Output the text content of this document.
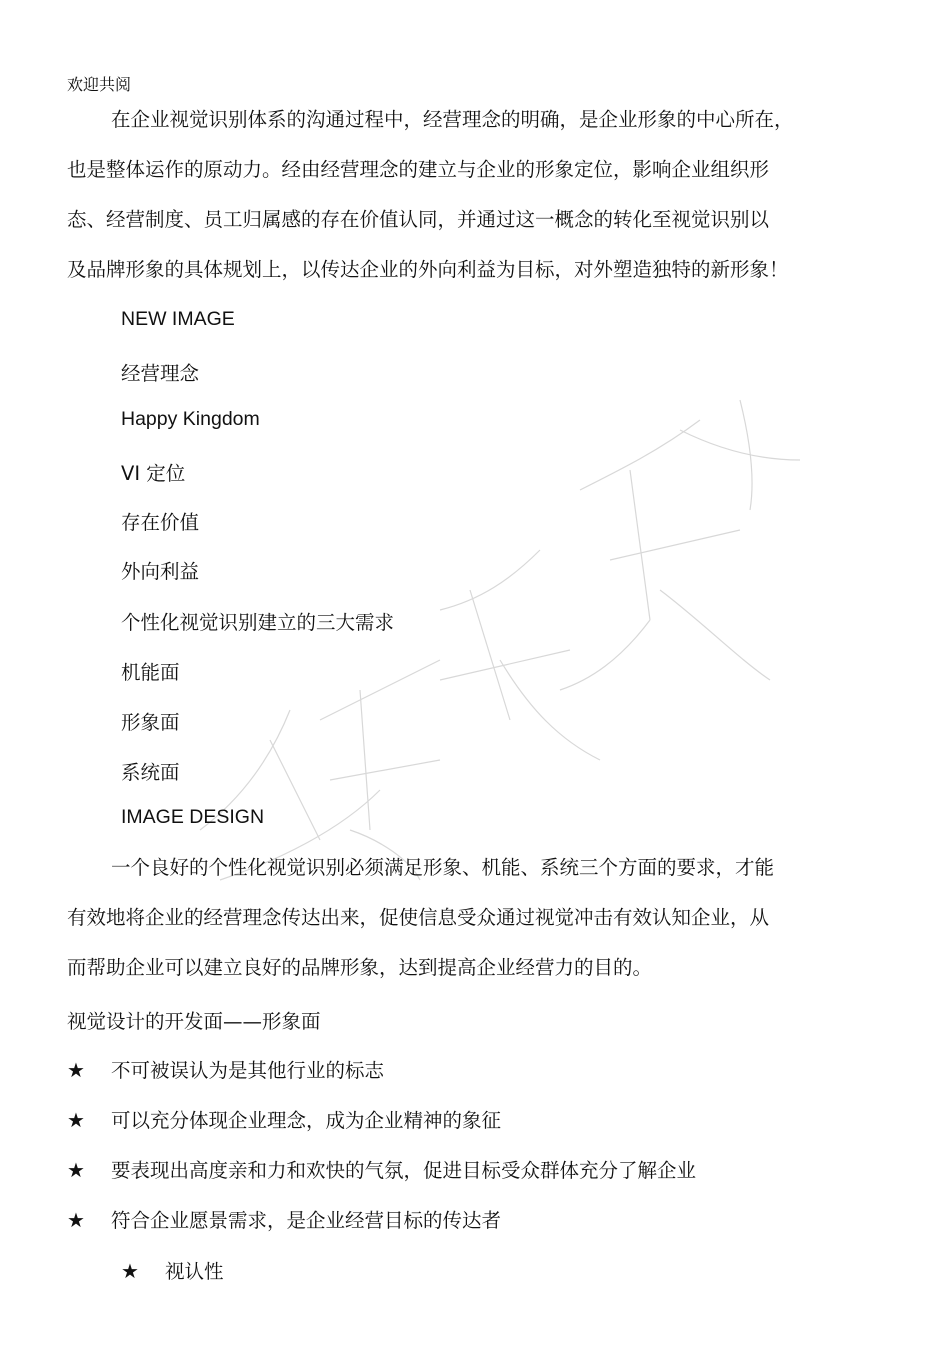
欢迎共阅
在企业视觉识别体系的沟通过程中，经营理念的明确，是企业形象的中心所在，
也是整体运作的原动力。经由经营理念的建立与企业的形象定位，影响企业组织形
态、经营制度、员工归属感的存在价值认同，并通过这一概念的转化至视觉识别以
及品牌形象的具体规划上，以传达企业的外向利益为目标，对外塑造独特的新形象！
NEW IMAGE
经营理念
Happy Kingdom
VI 定位
存在价值
外向利益
个性化视觉识别建立的三大需求
机能面
形象面
系统面
IMAGE DESIGN
一个良好的个性化视觉识别必须满足形象、机能、系统三个方面的要求，才能
有效地将企业的经营理念传达出来，促使信息受众通过视觉冲击有效认知企业，从
而帮助企业可以建立良好的品牌形象，达到提高企业经营力的目的。
视觉设计的开发面——形象面
★ 不可被误认为是其他行业的标志
★ 可以充分体现企业理念，成为企业精神的象征
★ 要表现出高度亲和力和欢快的气氛，促进目标受众群体充分了解企业
★ 符合企业愿景需求，是企业经营目标的传达者
★ 视认性
